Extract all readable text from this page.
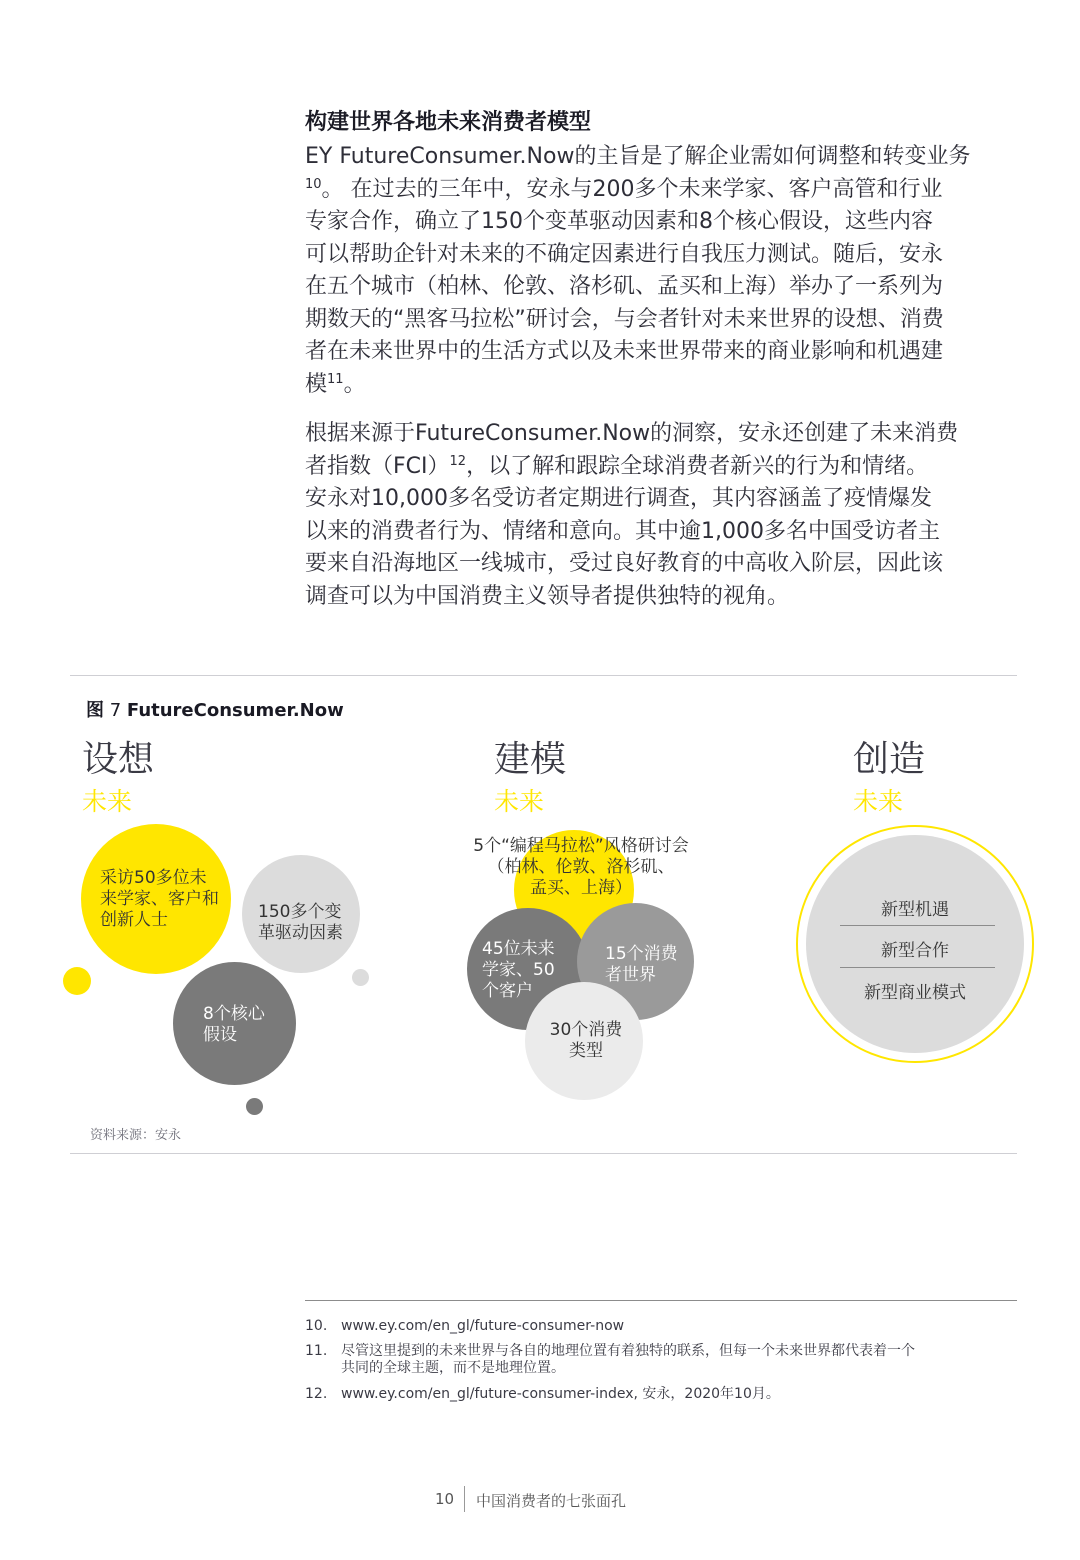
构建世界各地未来消费者模型
EY FutureConsumer.Now的主旨是了解企业需如何调整和转变业务
$^{10}$。 在过去的三年中，安永与200多个未来学家、客户高管和行业
专家合作，确立了150个变革驱动因素和8个核心假设，这些内容
可以帮助企针对未来的不确定因素进行自我压力测试。随后，安永
在五个城市（柏林、伦敦、洛杉矶、孟买和上海）举办了一系列为
期数天的“黑客马拉松”研讨会，与会者针对未来世界的设想、消费
者在未来世界中的生活方式以及未来世界带来的商业影响和机遇建
模$^{11}$。
根据来源于FutureConsumer.Now的洞察，安永还创建了未来消费
者指数（FCI）$^{12}$，以了解和跟踪全球消费者新兴的行为和情绪。
安永对10,000多名受访者定期进行调查，其内容涵盖了疫情爆发
以来的消费者行为、情绪和意向。其中逾1,000多名中国受访者主
要来自沿海地区一线城市，受过良好教育的中高收入阶层，因此该
调查可以为中国消费主义领导者提供独特的视角。
图 7 FutureConsumer.Now
设想
未来
采访50多位未
来学家、客户和
创新人士	150多个变
革驱动因素
8个核心
假设
建模
未来
5个“编程马拉松”风格研讨会
（柏林、伦敦、洛杉矶、
孟买、上海）
45位未来
学家、50
个客户
15个消费
者世界
30个消费
类型
创造
未来
新型机遇
新型合作
新型商业模式
资料来源：安永
10. www.ey.com/en_gl/future-consumer-now
11. 尽管这里提到的未来世界与各自的地理位置有着独特的联系，但每一个未来世界都代表着一个
共同的全球主题，而不是地理位置。
12. www.ey.com/en_gl/future-consumer-index, 安永，2020年10月。
10 中国消费者的七张面孔
